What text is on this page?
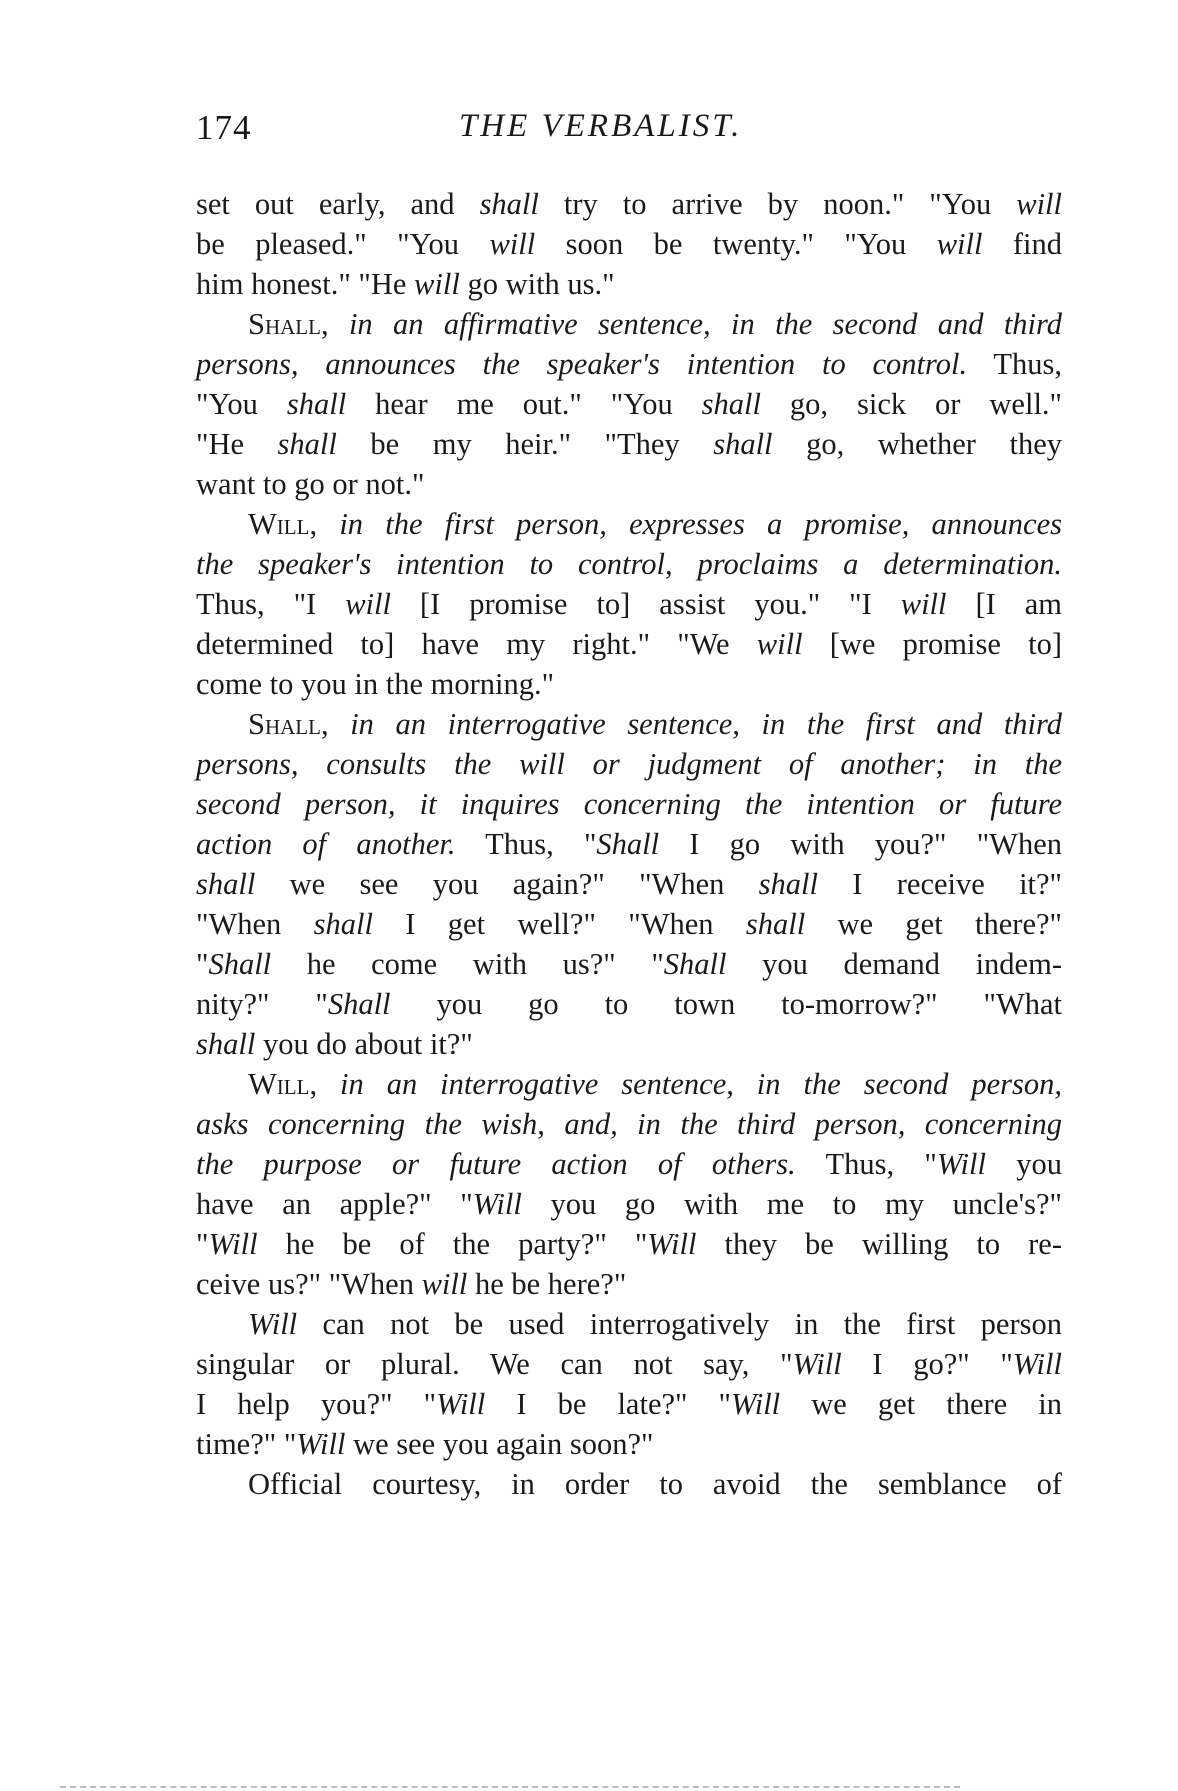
174	THE VERBALIST.
set out early, and shall try to arrive by noon." "You will
be pleased." "You will soon be twenty." "You will find
him honest." "He will go with us."
Shall, in an affirmative sentence, in the second and third
persons, announces the speaker's intention to control. Thus,
"You shall hear me out." "You shall go, sick or well."
"He shall be my heir." "They shall go, whether they
want to go or not."
Will, in the first person, expresses a promise, announces
the speaker's intention to control, proclaims a determination.
Thus, "I will [I promise to] assist you." "I will [I am
determined to] have my right." "We will [we promise to]
come to you in the morning."
Shall, in an interrogative sentence, in the first and third
persons, consults the will or judgment of another; in the
second person, it inquires concerning the intention or future
action of another. Thus, "Shall I go with you?" "When
shall we see you again?" "When shall I receive it?"
"When shall I get well?" "When shall we get there?"
"Shall he come with us?" "Shall you demand indem-
nity?" "Shall you go to town to-morrow?" "What
shall you do about it?"
Will, in an interrogative sentence, in the second person,
asks concerning the wish, and, in the third person, concerning
the purpose or future action of others. Thus, "Will you
have an apple?" "Will you go with me to my uncle's?"
"Will he be of the party?" "Will they be willing to re-
ceive us?" "When will he be here?"
Will can not be used interrogatively in the first person
singular or plural. We can not say, "Will I go?" "Will
I help you?" "Will I be late?" "Will we get there in
time?" "Will we see you again soon?"
Official courtesy, in order to avoid the semblance of
